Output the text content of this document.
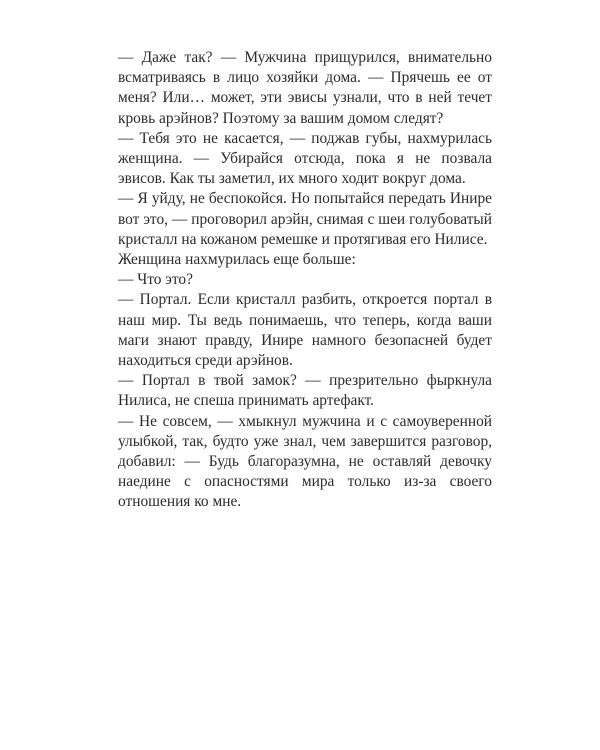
— Даже так? — Мужчина прищурился, внимательно всматриваясь в лицо хозяйки дома. — Прячешь ее от меня? Или… может, эти эвисы узнали, что в ней течет кровь арэйнов? Поэтому за вашим домом следят?

— Тебя это не касается, — поджав губы, нахмурилась женщина. — Убирайся отсюда, пока я не позвала эвисов. Как ты заметил, их много ходит вокруг дома.

— Я уйду, не беспокойся. Но попытайся передать Инире вот это, — проговорил арэйн, снимая с шеи голубоватый кристалл на кожаном ремешке и протягивая его Нилисе.

Женщина нахмурилась еще больше:

— Что это?

— Портал. Если кристалл разбить, откроется портал в наш мир. Ты ведь понимаешь, что теперь, когда ваши маги знают правду, Инире намного безопасней будет находиться среди арэйнов.

— Портал в твой замок? — презрительно фыркнула Нилиса, не спеша принимать артефакт.

— Не совсем, — хмыкнул мужчина и с самоуверенной улыбкой, так, будто уже знал, чем завершится разговор, добавил: — Будь благоразумна, не оставляй девочку наедине с опасностями мира только из-за своего отношения ко мне.
